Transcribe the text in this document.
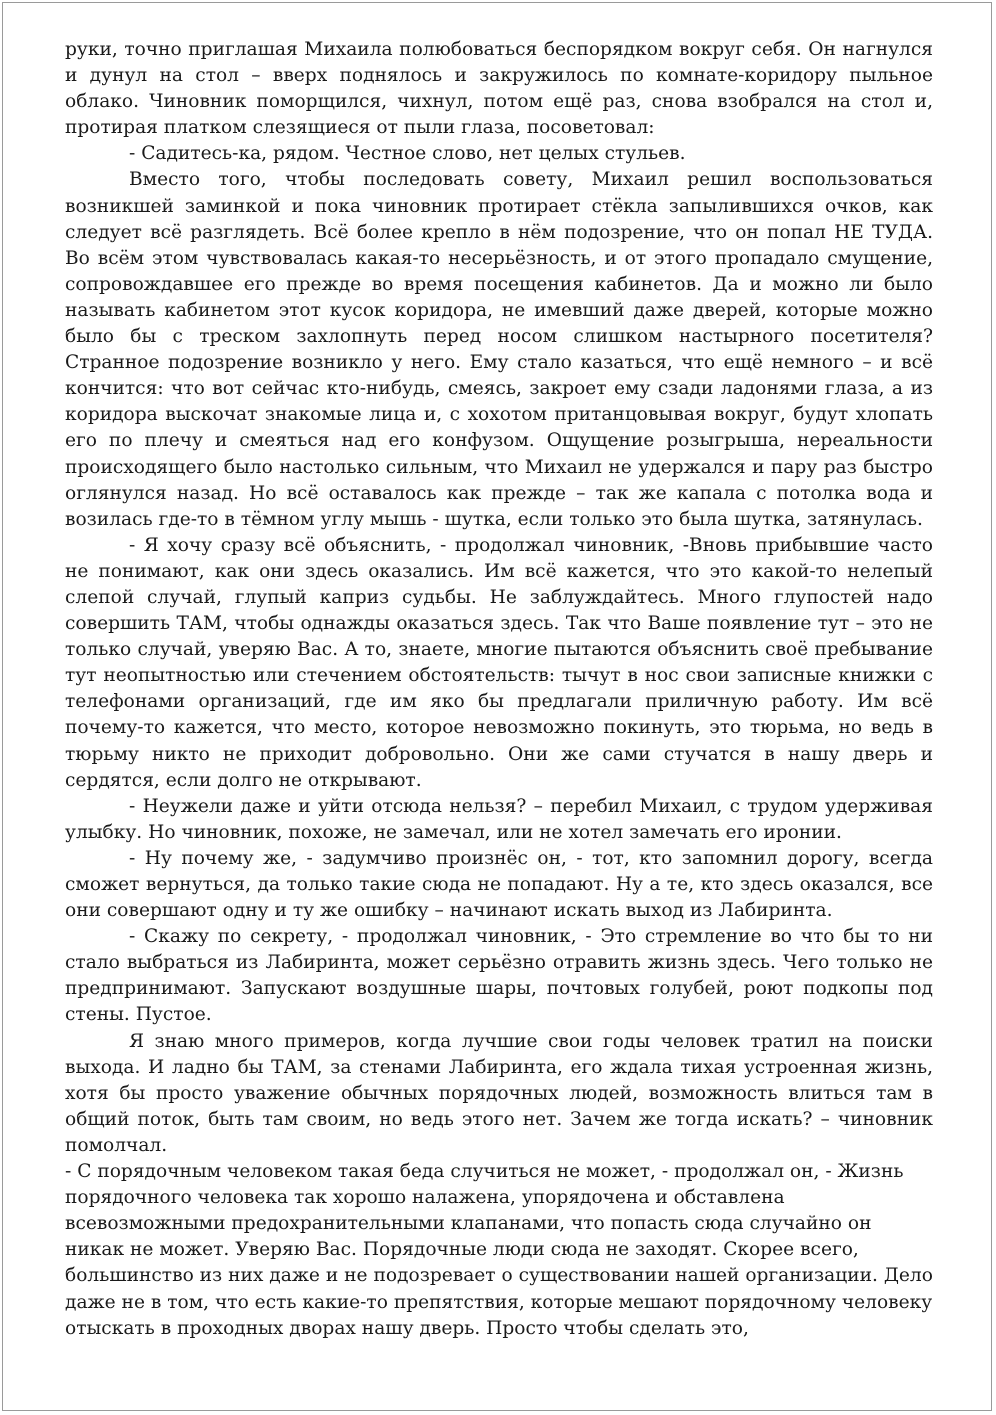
руки, точно приглашая Михаила полюбоваться беспорядком вокруг себя. Он нагнулся и дунул на стол – вверх поднялось и закружилось по комнате-коридору пыльное облако. Чиновник поморщился, чихнул, потом ещё раз, снова взобрался на стол и, протирая платком слезящиеся от пыли глаза, посоветовал:

- Садитесь-ка, рядом. Честное слово, нет целых стульев.

Вместо того, чтобы последовать совету, Михаил решил воспользоваться возникшей заминкой и пока чиновник протирает стёкла запылившихся очков, как следует всё разглядеть. Всё более крепло в нём подозрение, что он попал НЕ ТУДА. Во всём этом чувствовалась какая-то несерьёзность, и от этого пропадало смущение, сопровождавшее его прежде во время посещения кабинетов. Да и можно ли было называть кабинетом этот кусок коридора, не имевший даже дверей, которые можно было бы с треском захлопнуть перед носом слишком настырного посетителя? Странное подозрение возникло у него. Ему стало казаться, что ещё немного – и всё кончится: что вот сейчас кто-нибудь, смеясь, закроет ему сзади ладонями глаза, а из коридора выскочат знакомые лица и, с хохотом пританцовывая вокруг, будут хлопать его по плечу и смеяться над его конфузом. Ощущение розыгрыша, нереальности происходящего было настолько сильным, что Михаил не удержался и пару раз быстро оглянулся назад. Но всё оставалось как прежде – так же капала с потолка вода и возилась где-то в тёмном углу мышь - шутка, если только это была шутка, затянулась.

- Я хочу сразу всё объяснить, - продолжал чиновник, -Вновь прибывшие часто не понимают, как они здесь оказались. Им всё кажется, что это какой-то нелепый слепой случай, глупый каприз судьбы. Не заблуждайтесь. Много глупостей надо совершить ТАМ, чтобы однажды оказаться здесь. Так что Ваше появление тут – это не только случай, уверяю Вас. А то, знаете, многие пытаются объяснить своё пребывание тут неопытностью или стечением обстоятельств: тычут в нос свои записные книжки с телефонами организаций, где им яко бы предлагали приличную работу. Им всё почему-то кажется, что место, которое невозможно покинуть, это тюрьма, но ведь в тюрьму никто не приходит добровольно. Они же сами стучатся в нашу дверь и сердятся, если долго не открывают.

- Неужели даже и уйти отсюда нельзя? – перебил Михаил, с трудом удерживая улыбку. Но чиновник, похоже, не замечал, или не хотел замечать его иронии.

- Ну почему же, - задумчиво произнёс он, - тот, кто запомнил дорогу, всегда сможет вернуться, да только такие сюда не попадают. Ну а те, кто здесь оказался, все они совершают одну и ту же ошибку – начинают искать выход из Лабиринта.

- Скажу по секрету, - продолжал чиновник, - Это стремление во что бы то ни стало выбраться из Лабиринта, может серьёзно отравить жизнь здесь. Чего только не предпринимают. Запускают воздушные шары, почтовых голубей, роют подкопы под стены. Пустое.

Я знаю много примеров, когда лучшие свои годы человек тратил на поиски выхода. И ладно бы ТАМ, за стенами Лабиринта, его ждала тихая устроенная жизнь, хотя бы просто уважение обычных порядочных людей, возможность влиться там в общий поток, быть там своим, но ведь этого нет. Зачем же тогда искать? – чиновник помолчал.

- С порядочным человеком такая беда случиться не может, - продолжал он, - Жизнь порядочного человека так хорошо налажена, упорядочена и обставлена всевозможными предохранительными клапанами, что попасть сюда случайно он никак не может. Уверяю Вас. Порядочные люди сюда не заходят. Скорее всего, большинство из них даже и не подозревает о существовании нашей организации. Дело даже не в том, что есть какие-то препятствия, которые мешают порядочному человеку отыскать в проходных дворах нашу дверь. Просто чтобы сделать это,
